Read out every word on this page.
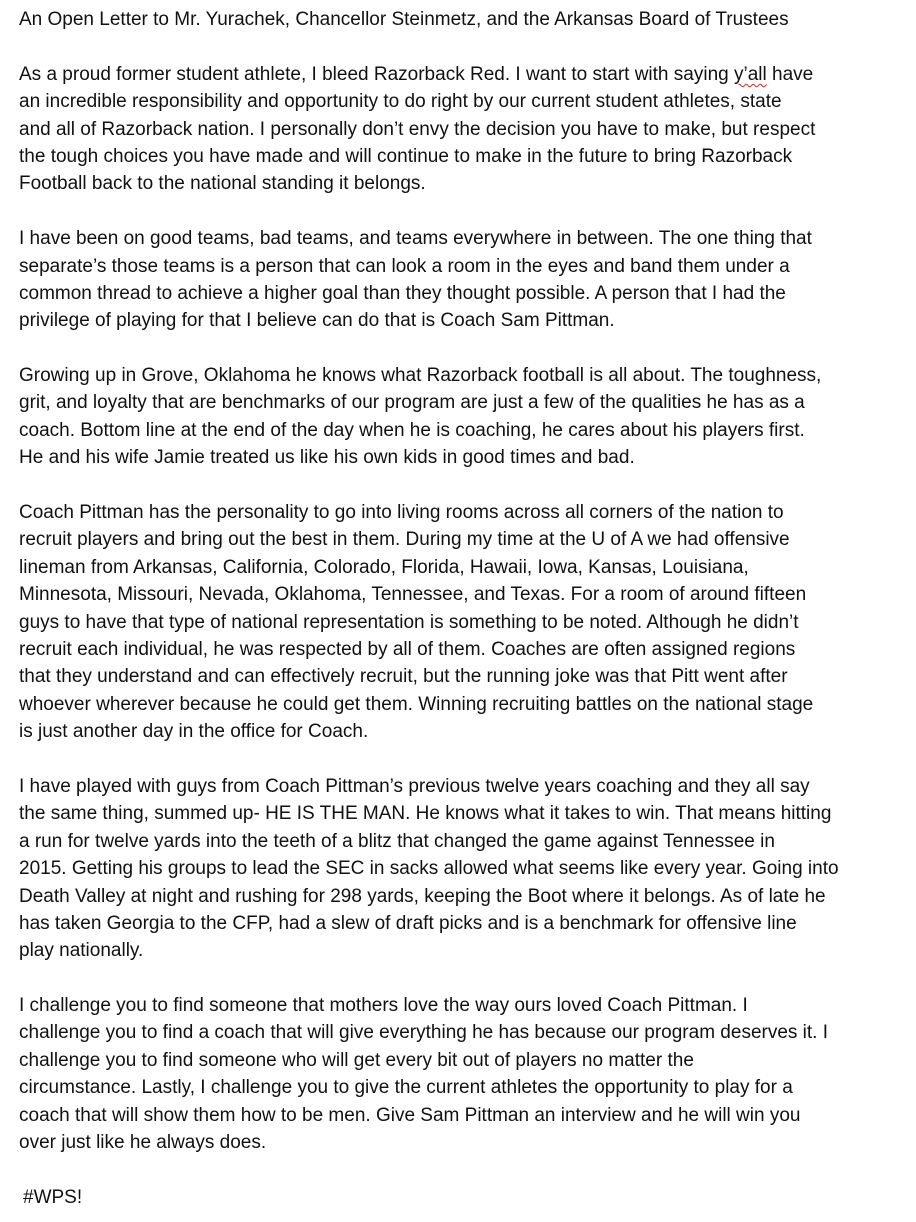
An Open Letter to Mr. Yurachek, Chancellor Steinmetz, and the Arkansas Board of Trustees

As a proud former student athlete, I bleed Razorback Red. I want to start with saying y’all have

an incredible responsibility and opportunity to do right by our current student athletes, state

and all of Razorback nation. I personally don’t envy the decision you have to make, but respect

the tough choices you have made and will continue to make in the future to bring Razorback

Football back to the national standing it belongs.

I have been on good teams, bad teams, and teams everywhere in between. The one thing that

separate’s those teams is a person that can look a room in the eyes and band them under a

common thread to achieve a higher goal than they thought possible. A person that I had the

privilege of playing for that I believe can do that is Coach Sam Pittman.

Growing up in Grove, Oklahoma he knows what Razorback football is all about. The toughness,

grit, and loyalty that are benchmarks of our program are just a few of the qualities he has as a

coach. Bottom line at the end of the day when he is coaching, he cares about his players first.

He and his wife Jamie treated us like his own kids in good times and bad.

Coach Pittman has the personality to go into living rooms across all corners of the nation to

recruit players and bring out the best in them. During my time at the U of A we had offensive

lineman from Arkansas, California, Colorado, Florida, Hawaii, Iowa, Kansas, Louisiana,

Minnesota, Missouri, Nevada, Oklahoma, Tennessee, and Texas. For a room of around fifteen

guys to have that type of national representation is something to be noted. Although he didn’t

recruit each individual, he was respected by all of them. Coaches are often assigned regions

that they understand and can effectively recruit, but the running joke was that Pitt went after

whoever wherever because he could get them. Winning recruiting battles on the national stage

is just another day in the office for Coach.

I have played with guys from Coach Pittman’s previous twelve years coaching and they all say

the same thing, summed up- HE IS THE MAN. He knows what it takes to win. That means hitting

a run for twelve yards into the teeth of a blitz that changed the game against Tennessee in

2015. Getting his groups to lead the SEC in sacks allowed what seems like every year. Going into

Death Valley at night and rushing for 298 yards, keeping the Boot where it belongs. As of late he

has taken Georgia to the CFP, had a slew of draft picks and is a benchmark for offensive line

play nationally.

I challenge you to find someone that mothers love the way ours loved Coach Pittman. I

challenge you to find a coach that will give everything he has because our program deserves it. I

challenge you to find someone who will get every bit out of players no matter the

circumstance. Lastly, I challenge you to give the current athletes the opportunity to play for a

coach that will show them how to be men. Give Sam Pittman an interview and he will win you

over just like he always does.

#WPS!
